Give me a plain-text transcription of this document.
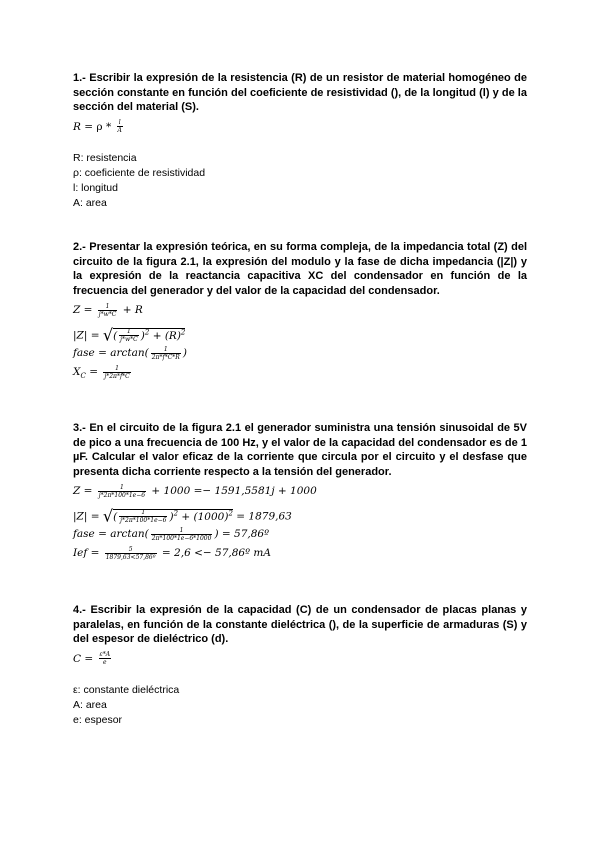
1.- Escribir la expresión de la resistencia (R) de un resistor de material homogéneo de sección constante en función del coeficiente de resistividad (), de la longitud (l) y de la sección del material (S).

$R = \rho * \frac{l}{A}$
R: resistencia
ρ: coeficiente de resistividad
l: longitud
A: area

2.- Presentar la expresión teórica, en su forma compleja, de la impedancia total (Z) del circuito de la figura 2.1, la expresión del modulo y la fase de dicha impedancia (|Z|) y la expresión de la reactancia capacitiva XC del condensador en función de la frecuencia del generador y del valor de la capacidad del condensador.

$Z = \frac{1}{j*w*C} + R$
|Z| = √( $\frac{1}{j*w*C} )^2 + (R)^2$
fase = $\arctan( \frac{1}{2\pi*f*C*R}$ )
$X_C = \frac{1}{j*2\pi*f*C}$

3.- En el circuito de la figura 2.1 el generador suministra una tensión sinusoidal de 5V de pico a una frecuencia de 100 Hz, y el valor de la capacidad del condensador es de 1 µF. Calcular el valor eficaz de la corriente que circula por el circuito y el desfase que presenta dicha corriente respecto a la tensión del generador.

$Z = \frac{1}{j*2\pi*100*1e-6} + 1000 =- 1591,5581j + 1000$
|Z| = √( $\frac{1}{j*2\pi*100*1e-6} )^2 + (1000)^2 = 1879,63$
fase = $\arctan( \frac{1}{2\pi*100*1e-6*1000}$ ) = 57,86º
Ief = $\frac{5}{\text{1879,63<57,86º}} = 2,6$ <− 57,86º mA

4.- Escribir la expresión de la capacidad (C) de un condensador de placas planas y paralelas, en función de la constante dieléctrica (), de la superficie de armaduras (S) y del espesor de dieléctrico (d).

$C = \frac{\varepsilon*A}{e}$
ε: constante dieléctrica
A: area
e: espesor
